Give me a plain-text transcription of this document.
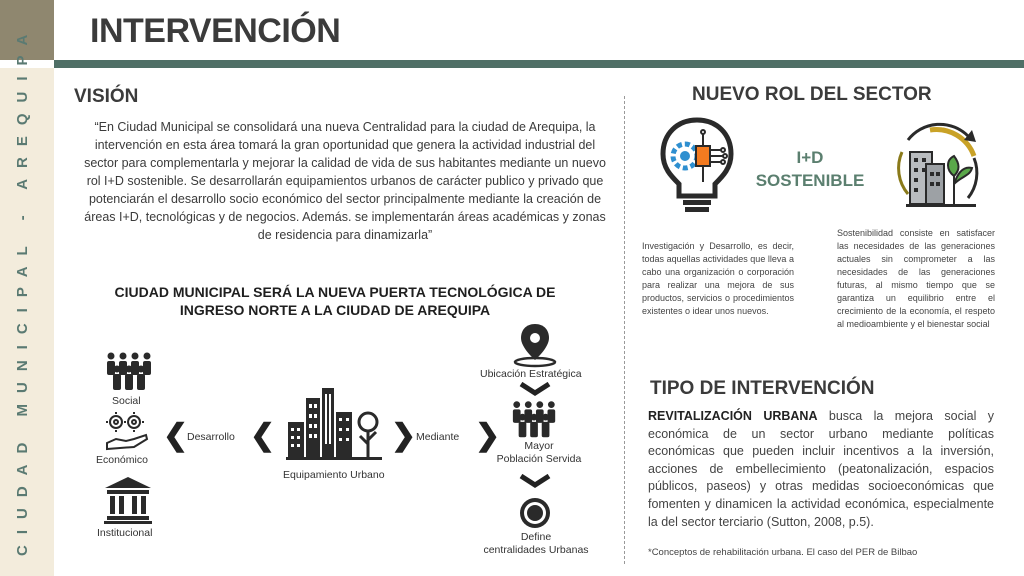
CIUDAD MUNICIPAL - AREQUIPA INTERVENCIÓN
VISIÓN
“En Ciudad Municipal se consolidará una nueva Centralidad para la ciudad de Arequipa, la intervención en esta área tomará la gran oportunidad que genera la actividad industrial del sector para complementarla y mejorar la calidad de vida de sus habitantes mediante un nuevo rol I+D sostenible. Se desarrollarán equipamientos urbanos de carácter publico y privado que potenciarán el desarrollo socio económico del sector principalmente mediante la creación de áreas I+D, tecnológicas y de negocios. Además. se implementarán áreas académicas y zonas de residencia para dinamizarla”
CIUDAD MUNICIPAL SERÁ LA NUEVA PUERTA TECNOLÓGICA DE
INGRESO NORTE A LA CIUDAD DE AREQUIPA
Social
Económico
Institucional
❮
Desarrollo ❮
Equipamiento Urbano
❯ Mediante ❯
Ubicación Estratégica
Mayor
Población Servida
Define
centralidades Urbanas
NUEVO ROL DEL SECTOR
I+D
SOSTENIBLE
Investigación y Desarrollo, es decir, todas aquellas actividades que lleva a cabo una organización o corporación para realizar una mejora de sus productos, servicios o procedimientos existentes o idear unos nuevos.
Sostenibilidad consiste en satisfacer las necesidades de las generaciones actuales sin comprometer a las necesidades de las generaciones futuras, al mismo tiempo que se garantiza un equilibrio entre el crecimiento de la economía, el respeto al medioambiente y el bienestar social
TIPO DE INTERVENCIÓN
REVITALIZACIÓN URBANA busca la mejora social y económica de un sector urbano mediante políticas económicas que pueden incluir incentivos a la inversión, acciones de embellecimiento (peatonalización, espacios públicos, paseos) y otras medidas socioeconómicas que fomenten y dinamicen la actividad económica, especialmente la del sector terciario (Sutton, 2008, p.5).
*Conceptos de rehabilitación urbana. El caso del PER de Bilbao
